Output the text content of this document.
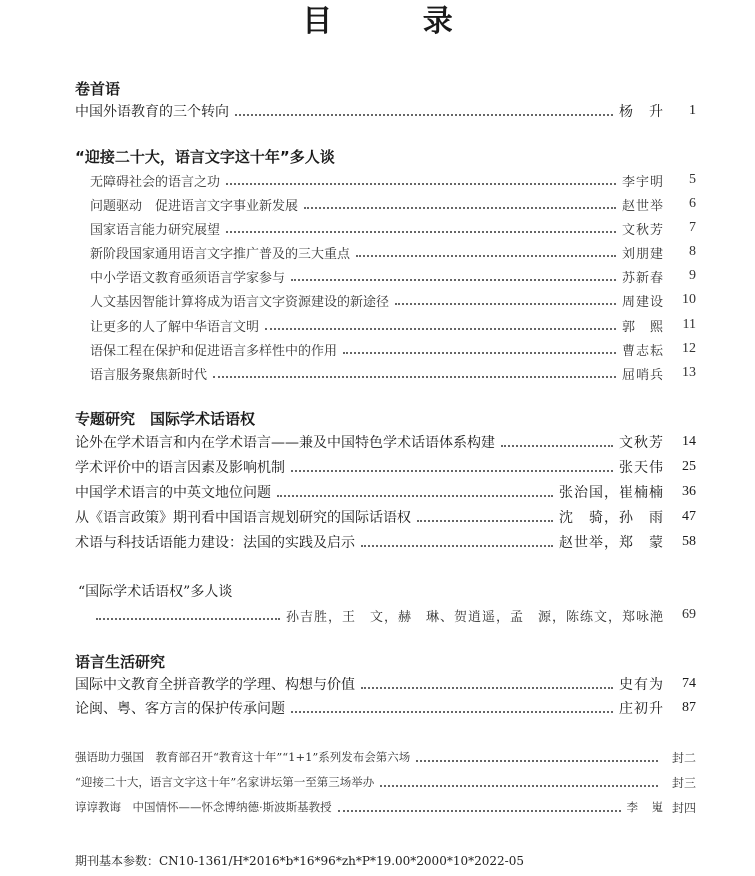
目 录
卷首语
中国外语教育的三个转向	杨　升	1
“迎接二十大，语言文字这十年”多人谈
无障碍社会的语言之功	李宇明	5
问题驱动　促进语言文字事业新发展	赵世举	6
国家语言能力研究展望	文秋芳	7
新阶段国家通用语言文字推广普及的三大重点	刘朋建	8
中小学语文教育亟须语言学家参与	苏新春	9
人文基因智能计算将成为语言文字资源建设的新途径	周建设	10
让更多的人了解中华语言文明	郭　熙	11
语保工程在保护和促进语言多样性中的作用	曹志耘	12
语言服务聚焦新时代	屈哨兵	13
专题研究　国际学术话语权
论外在学术语言和内在学术语言——兼及中国特色学术话语体系构建	文秋芳	14
学术评价中的语言因素及影响机制	张天伟	25
中国学术语言的中英文地位问题	张治国，崔楠楠	36
从《语言政策》期刊看中国语言规划研究的国际话语权	沈　骑，孙　雨	47
术语与科技话语能力建设：法国的实践及启示	赵世举，郑　蒙	58
“国际学术话语权”多人谈
孙吉胜，王　文，赫　琳、贺逍遥，孟　源，陈练文，郑咏滟	69
语言生活研究
国际中文教育全拼音教学的学理、构想与价值	史有为	74
论闽、粤、客方言的保护传承问题	庄初升	87
强语助力强国　教育部召开“教育这十年”“1+1”系列发布会第六场	封二
“迎接二十大，语言文字这十年”名家讲坛第一至第三场举办	封三
谆谆教诲　中国情怀——怀念博纳德·斯波斯基教授	李　嵬 封四
期刊基本参数：CN10-1361/H*2016*b*16*96*zh*P*19.00*2000*10*2022-05
